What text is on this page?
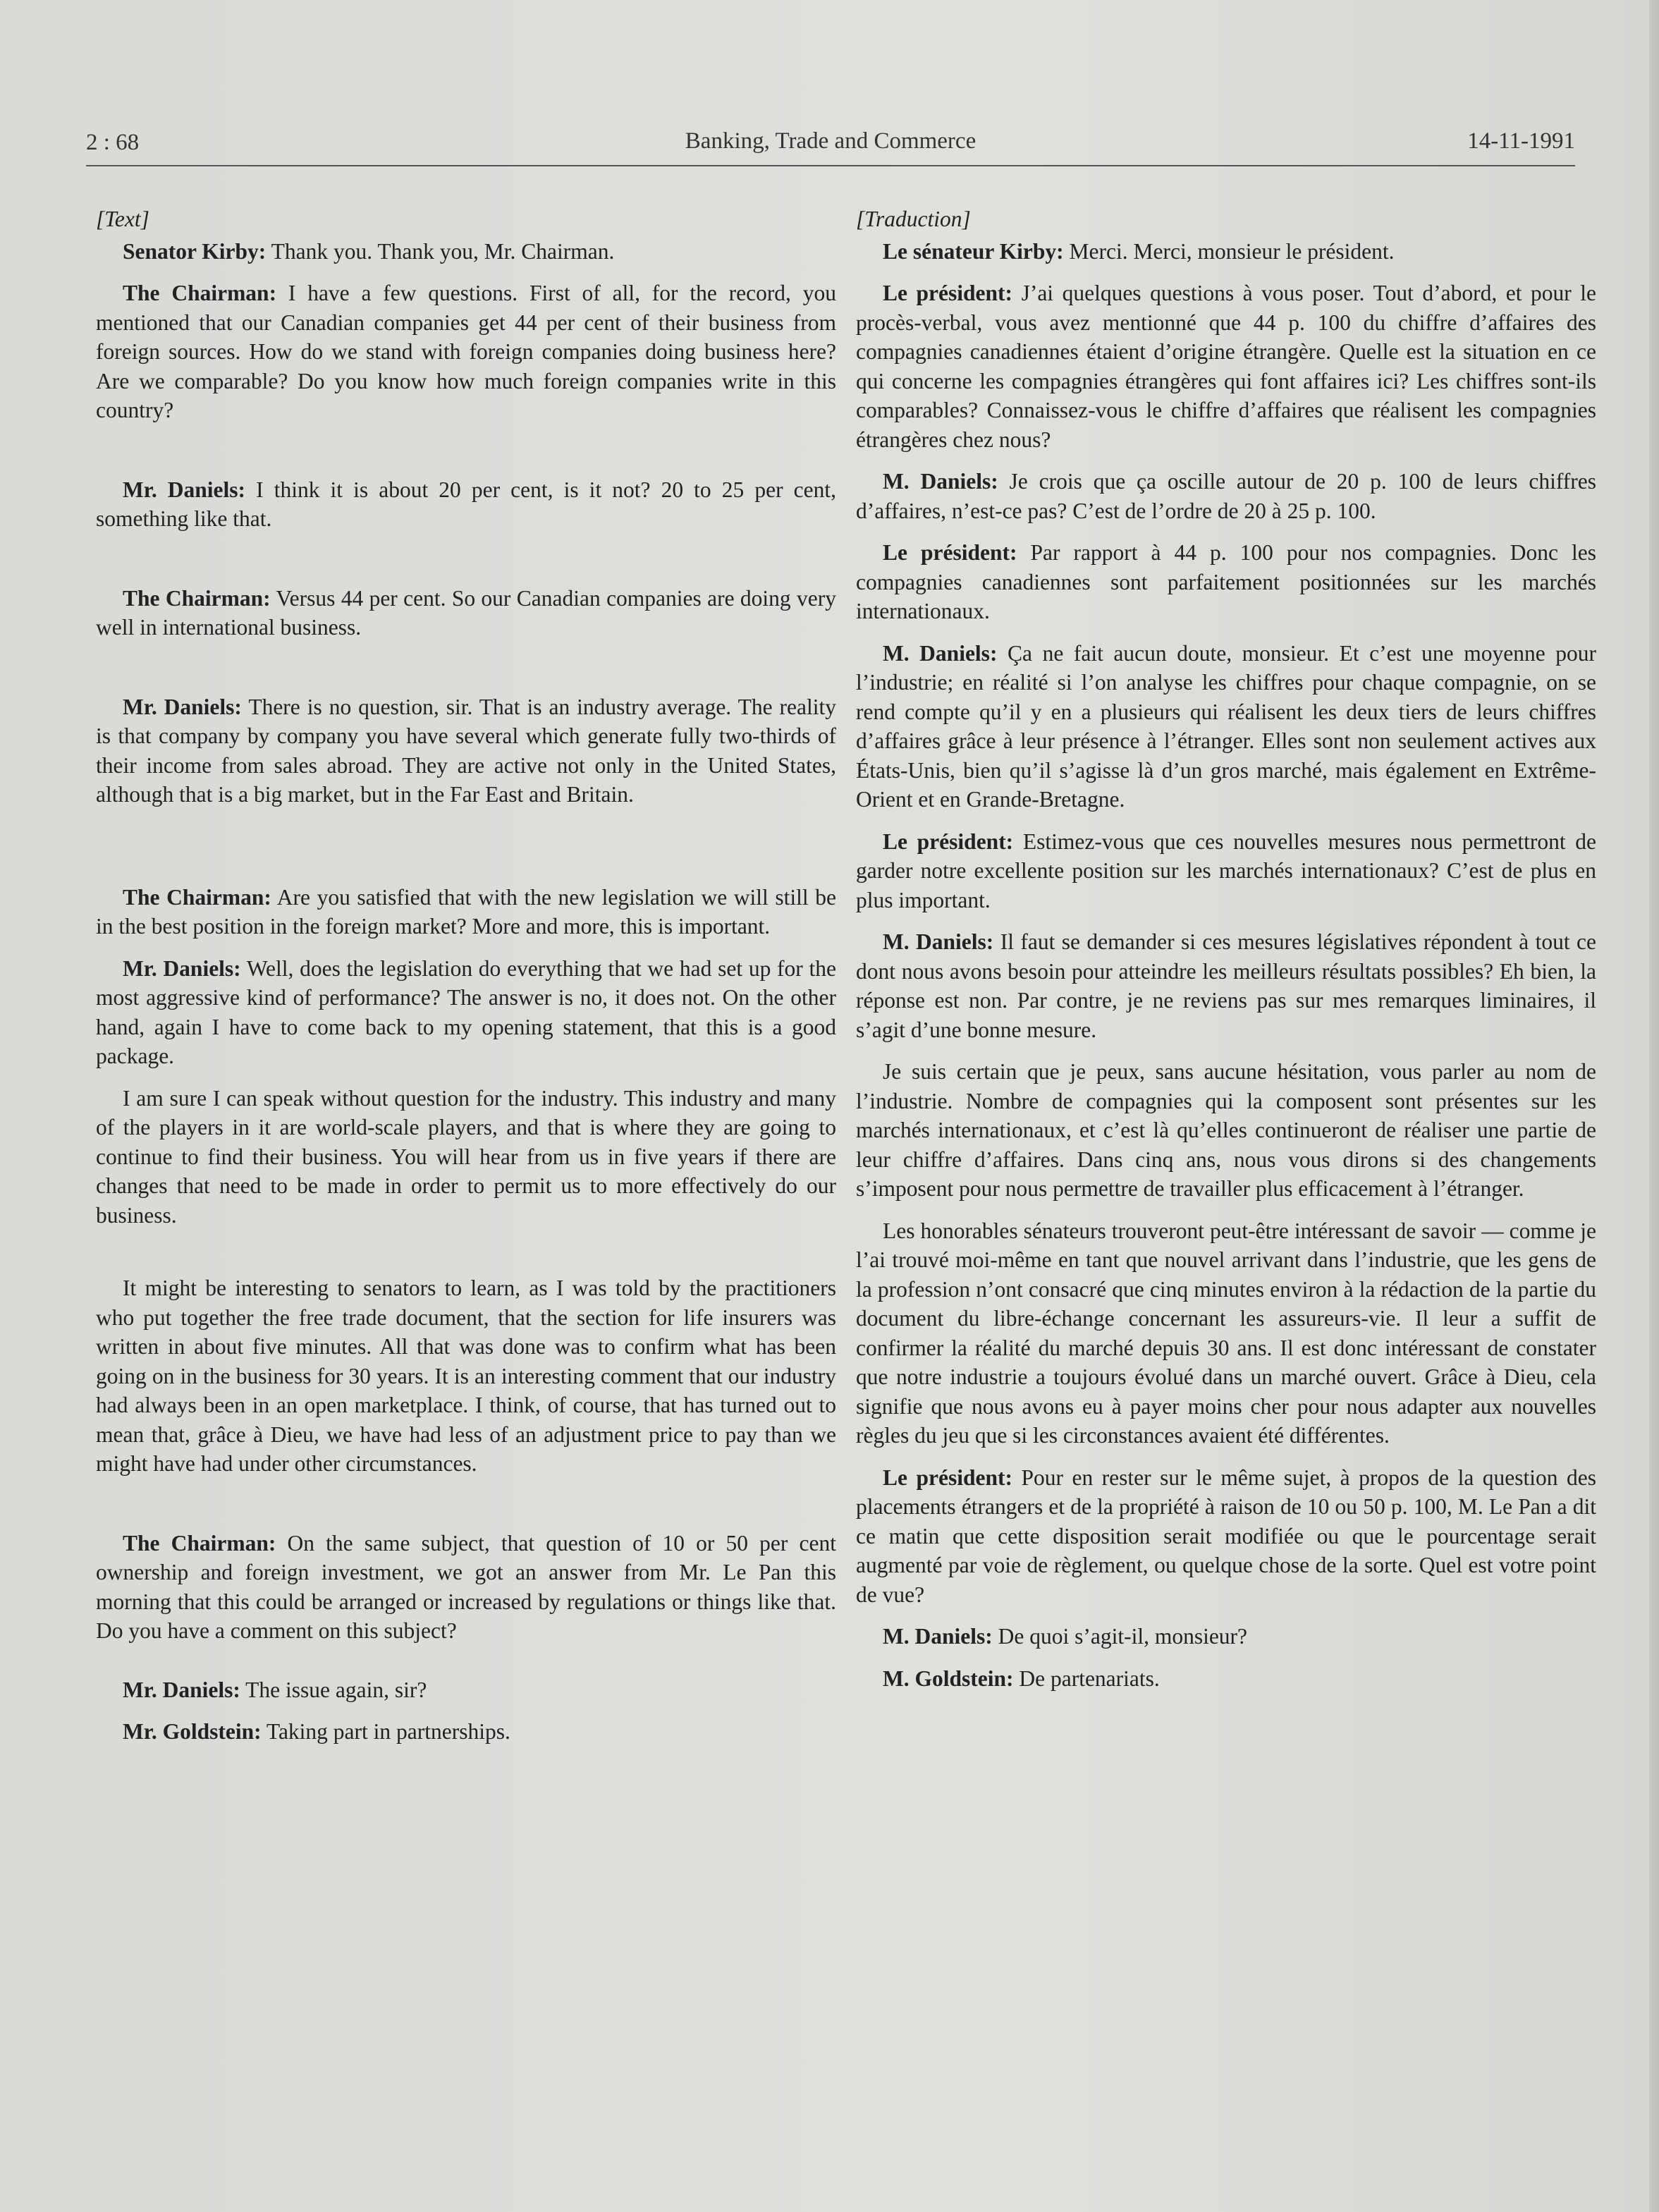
2 : 68	Banking, Trade and Commerce	14-11-1991
[Text]

Senator Kirby: Thank you. Thank you, Mr. Chairman.

The Chairman: I have a few questions. First of all, for the record, you mentioned that our Canadian companies get 44 per cent of their business from foreign sources. How do we stand with foreign companies doing business here? Are we comparable? Do you know how much foreign companies write in this country?

Mr. Daniels: I think it is about 20 per cent, is it not? 20 to 25 per cent, something like that.

The Chairman: Versus 44 per cent. So our Canadian companies are doing very well in international business.

Mr. Daniels: There is no question, sir. That is an industry average. The reality is that company by company you have several which generate fully two-thirds of their income from sales abroad. They are active not only in the United States, although that is a big market, but in the Far East and Britain.

The Chairman: Are you satisfied that with the new legislation we will still be in the best position in the foreign market? More and more, this is important.

Mr. Daniels: Well, does the legislation do everything that we had set up for the most aggressive kind of performance? The answer is no, it does not. On the other hand, again I have to come back to my opening statement, that this is a good package.

I am sure I can speak without question for the industry. This industry and many of the players in it are world-scale players, and that is where they are going to continue to find their business. You will hear from us in five years if there are changes that need to be made in order to permit us to more effectively do our business.

It might be interesting to senators to learn, as I was told by the practitioners who put together the free trade document, that the section for life insurers was written in about five minutes. All that was done was to confirm what has been going on in the business for 30 years. It is an interesting comment that our industry had always been in an open marketplace. I think, of course, that has turned out to mean that, grâce à Dieu, we have had less of an adjustment price to pay than we might have had under other circumstances.

The Chairman: On the same subject, that question of 10 or 50 per cent ownership and foreign investment, we got an answer from Mr. Le Pan this morning that this could be arranged or increased by regulations or things like that. Do you have a comment on this subject?

Mr. Daniels: The issue again, sir?

Mr. Goldstein: Taking part in partnerships.

[Traduction]

Le sénateur Kirby: Merci. Merci, monsieur le président.

Le président: J’ai quelques questions à vous poser. Tout d’abord, et pour le procès-verbal, vous avez mentionné que 44 p. 100 du chiffre d’affaires des compagnies canadiennes étaient d’origine étrangère. Quelle est la situation en ce qui concerne les compagnies étrangères qui font affaires ici? Les chiffres sont-ils comparables? Connaissez-vous le chiffre d’affaires que réalisent les compagnies étrangères chez nous?

M. Daniels: Je crois que ça oscille autour de 20 p. 100 de leurs chiffres d’affaires, n’est-ce pas? C’est de l’ordre de 20 à 25 p. 100.

Le président: Par rapport à 44 p. 100 pour nos compagnies. Donc les compagnies canadiennes sont parfaitement positionnées sur les marchés internationaux.

M. Daniels: Ça ne fait aucun doute, monsieur. Et c’est une moyenne pour l’industrie; en réalité si l’on analyse les chiffres pour chaque compagnie, on se rend compte qu’il y en a plusieurs qui réalisent les deux tiers de leurs chiffres d’affaires grâce à leur présence à l’étranger. Elles sont non seulement actives aux États-Unis, bien qu’il s’agisse là d’un gros marché, mais également en Extrême-Orient et en Grande-Bretagne.

Le président: Estimez-vous que ces nouvelles mesures nous permettront de garder notre excellente position sur les marchés internationaux? C’est de plus en plus important.

M. Daniels: Il faut se demander si ces mesures législatives répondent à tout ce dont nous avons besoin pour atteindre les meilleurs résultats possibles? Eh bien, la réponse est non. Par contre, je ne reviens pas sur mes remarques liminaires, il s’agit d’une bonne mesure.

Je suis certain que je peux, sans aucune hésitation, vous parler au nom de l’industrie. Nombre de compagnies qui la composent sont présentes sur les marchés internationaux, et c’est là qu’elles continueront de réaliser une partie de leur chiffre d’affaires. Dans cinq ans, nous vous dirons si des changements s’imposent pour nous permettre de travailler plus efficacement à l’étranger.

Les honorables sénateurs trouveront peut-être intéressant de savoir — comme je l’ai trouvé moi-même en tant que nouvel arrivant dans l’industrie, que les gens de la profession n’ont consacré que cinq minutes environ à la rédaction de la partie du document du libre-échange concernant les assureurs-vie. Il leur a suffit de confirmer la réalité du marché depuis 30 ans. Il est donc intéressant de constater que notre industrie a toujours évolué dans un marché ouvert. Grâce à Dieu, cela signifie que nous avons eu à payer moins cher pour nous adapter aux nouvelles règles du jeu que si les circonstances avaient été différentes.

Le président: Pour en rester sur le même sujet, à propos de la question des placements étrangers et de la propriété à raison de 10 ou 50 p. 100, M. Le Pan a dit ce matin que cette disposition serait modifiée ou que le pourcentage serait augmenté par voie de règlement, ou quelque chose de la sorte. Quel est votre point de vue?

M. Daniels: De quoi s’agit-il, monsieur?

M. Goldstein: De partenariats.
